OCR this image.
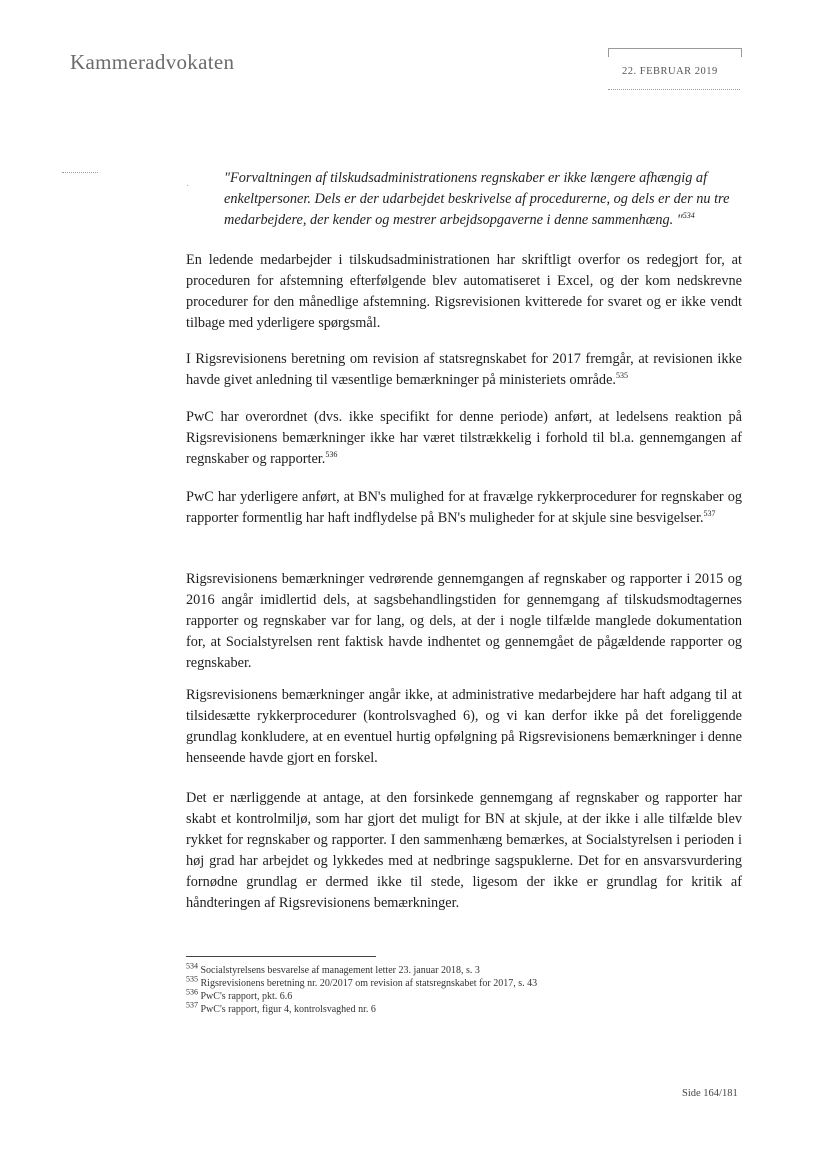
Kammeradvokaten	22. FEBRUAR 2019
·
"Forvaltningen af tilskudsadministrationens regnskaber er ikke længere afhængig af enkeltpersoner. Dels er der udarbejdet beskrivelse af procedurerne, og dels er der nu tre medarbejdere, der kender og mestrer arbejdsopgaverne i denne sammenhæng. "$^{534}$

En ledende medarbejder i tilskudsadministrationen har skriftligt overfor os redegjort for, at proceduren for afstemning efterfølgende blev automatiseret i Excel, og der kom nedskrevne procedurer for den månedlige afstemning. Rigsrevisionen kvitterede for svaret og er ikke vendt tilbage med yderligere spørgsmål.

I Rigsrevisionens beretning om revision af statsregnskabet for 2017 fremgår, at revisionen ikke havde givet anledning til væsentlige bemærkninger på ministeriets område.$^{535}$

PwC har overordnet (dvs. ikke specifikt for denne periode) anført, at ledelsens reaktion på Rigsrevisionens bemærkninger ikke har været tilstrækkelig i forhold til bl.a. gennemgangen af regnskaber og rapporter.$^{536}$

PwC har yderligere anført, at BN's mulighed for at fravælge rykkerprocedurer for regnskaber og rapporter formentlig har haft indflydelse på BN's muligheder for at skjule sine besvigelser.$^{537}$

Rigsrevisionens bemærkninger vedrørende gennemgangen af regnskaber og rapporter i 2015 og 2016 angår imidlertid dels, at sagsbehandlingstiden for gennemgang af tilskudsmodtagernes rapporter og regnskaber var for lang, og dels, at der i nogle tilfælde manglede dokumentation for, at Socialstyrelsen rent faktisk havde indhentet og gennemgået de pågældende rapporter og regnskaber.

Rigsrevisionens bemærkninger angår ikke, at administrative medarbejdere har haft adgang til at tilsidesætte rykkerprocedurer (kontrolsvaghed 6), og vi kan derfor ikke på det foreliggende grundlag konkludere, at en eventuel hurtig opfølgning på Rigsrevisionens bemærkninger i denne henseende havde gjort en forskel.

Det er nærliggende at antage, at den forsinkede gennemgang af regnskaber og rapporter har skabt et kontrolmiljø, som har gjort det muligt for BN at skjule, at der ikke i alle tilfælde blev rykket for regnskaber og rapporter. I den sammenhæng bemærkes, at Socialstyrelsen i perioden i høj grad har arbejdet og lykkedes med at nedbringe sagspuklerne. Det for en ansvarsvurdering fornødne grundlag er dermed ikke til stede, ligesom der ikke er grundlag for kritik af håndteringen af Rigsrevisionens bemærkninger.

$^{534}$ Socialstyrelsens besvarelse af management letter 23. januar 2018, s. 3

$^{535}$ Rigsrevisionens beretning nr. 20/2017 om revision af statsregnskabet for 2017, s. 43

$^{536}$ PwC's rapport, pkt. 6.6

$^{537}$ PwC's rapport, figur 4, kontrolsvaghed nr. 6

Side 164/181
